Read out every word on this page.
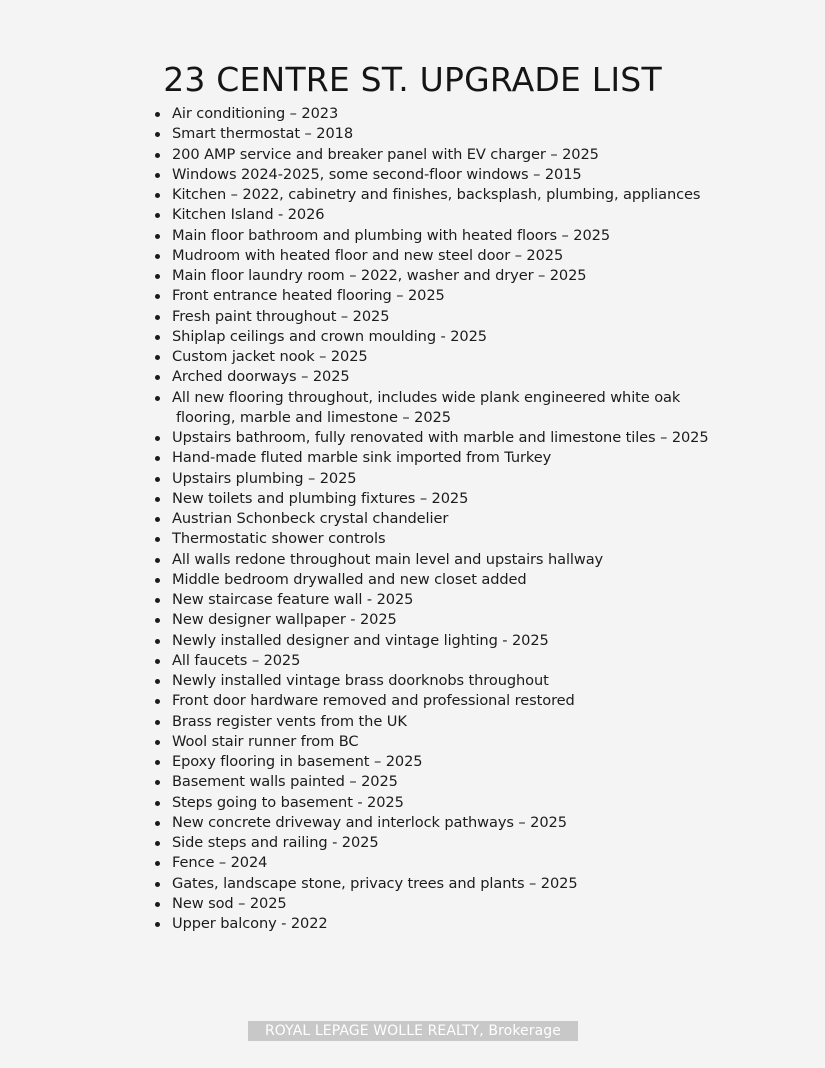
23 CENTRE ST. UPGRADE LIST
Air conditioning – 2023
Smart thermostat – 2018
200 AMP service and breaker panel with EV charger – 2025
Windows 2024-2025, some second-floor windows – 2015
Kitchen – 2022, cabinetry and finishes, backsplash, plumbing, appliances
Kitchen Island - 2026
Main floor bathroom and plumbing with heated floors – 2025
Mudroom with heated floor and new steel door – 2025
Main floor laundry room – 2022, washer and dryer – 2025
Front entrance heated flooring – 2025
Fresh paint throughout – 2025
Shiplap ceilings and crown moulding - 2025
Custom jacket nook – 2025
Arched doorways – 2025
All new flooring throughout, includes wide plank engineered white oak
flooring, marble and limestone – 2025
Upstairs bathroom, fully renovated with marble and limestone tiles – 2025
Hand-made fluted marble sink imported from Turkey
Upstairs plumbing – 2025
New toilets and plumbing fixtures – 2025
Austrian Schonbeck crystal chandelier
Thermostatic shower controls
All walls redone throughout main level and upstairs hallway
Middle bedroom drywalled and new closet added
New staircase feature wall - 2025
New designer wallpaper - 2025
Newly installed designer and vintage lighting - 2025
All faucets – 2025
Newly installed vintage brass doorknobs throughout
Front door hardware removed and professional restored
Brass register vents from the UK
Wool stair runner from BC
Epoxy flooring in basement – 2025
Basement walls painted – 2025
Steps going to basement - 2025
New concrete driveway and interlock pathways – 2025
Side steps and railing - 2025
Fence – 2024
Gates, landscape stone, privacy trees and plants – 2025
New sod – 2025
Upper balcony - 2022
ROYAL LEPAGE WOLLE REALTY, Brokerage
